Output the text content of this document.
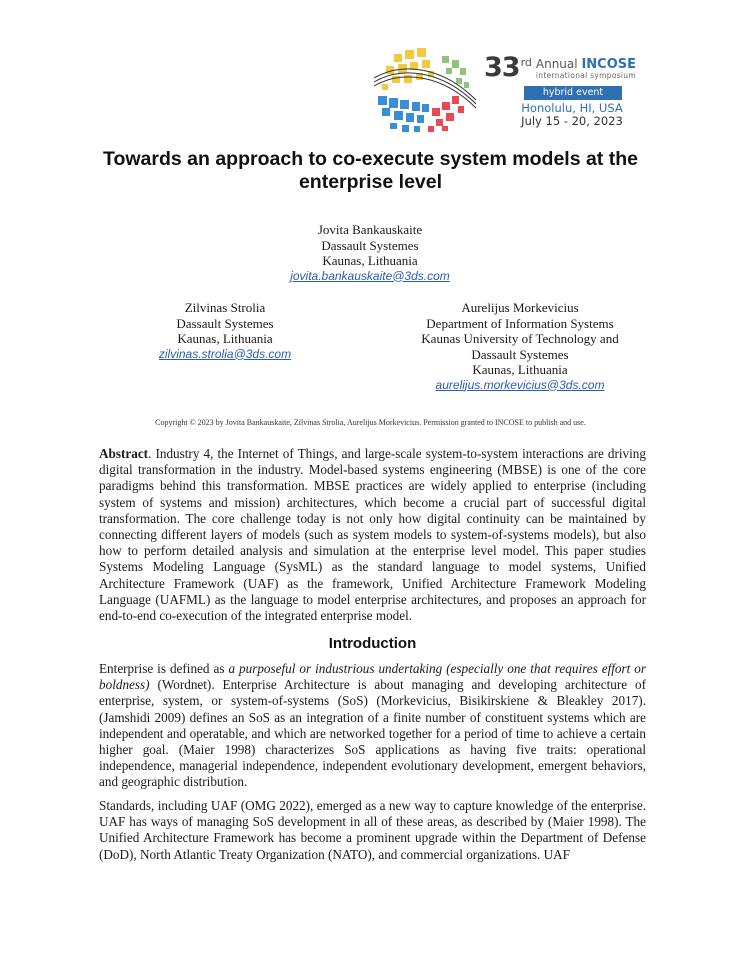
33 rd Annual INCOSE
international symposium
hybrid event
Honolulu, HI, USA
July 15 - 20, 2023
Towards an approach to co-execute system models at the enterprise level
Jovita Bankauskaite
Dassault Systemes
Kaunas, Lithuania
jovita.bankauskaite@3ds.com
Zilvinas Strolia
Dassault Systemes
Kaunas, Lithuania
zilvinas.strolia@3ds.com
Aurelijus Morkevicius
Department of Information Systems
Kaunas University of Technology and
Dassault Systemes
Kaunas, Lithuania
aurelijus.morkevicius@3ds.com
Copyright © 2023 by Jovita Bankauskaite, Zilvinas Strolia, Aurelijus Morkevicius. Permission granted to INCOSE to publish and use.
Abstract. Industry 4, the Internet of Things, and large-scale system-to-system interactions are driving digital transformation in the industry. Model-based systems engineering (MBSE) is one of the core paradigms behind this transformation. MBSE practices are widely applied to enterprise (including system of systems and mission) architectures, which become a crucial part of successful digital transformation. The core challenge today is not only how digital continuity can be maintained by connecting different layers of models (such as system models to system-of-systems models), but also how to perform detailed analysis and simulation at the enterprise level model. This paper studies Systems Modeling Language (SysML) as the standard language to model systems, Unified Architecture Framework (UAF) as the framework, Unified Architecture Framework Modeling Language (UAFML) as the language to model enterprise architectures, and proposes an approach for end-to-end co-execution of the integrated enterprise model.
Introduction
Enterprise is defined as a purposeful or industrious undertaking (especially one that requires effort or boldness) (Wordnet). Enterprise Architecture is about managing and developing architecture of enterprise, system, or system-of-systems (SoS) (Morkevicius, Bisikirskiene & Bleakley 2017). (Jamshidi 2009) defines an SoS as an integration of a finite number of constituent systems which are independent and operatable, and which are networked together for a period of time to achieve a certain higher goal. (Maier 1998) characterizes SoS applications as having five traits: operational independence, managerial independence, independent evolutionary development, emergent behaviors, and geographic distribution.
Standards, including UAF (OMG 2022), emerged as a new way to capture knowledge of the enterprise. UAF has ways of managing SoS development in all of these areas, as described by (Maier 1998). The Unified Architecture Framework has become a prominent upgrade within the Department of Defense (DoD), North Atlantic Treaty Organization (NATO), and commercial organizations. UAF
